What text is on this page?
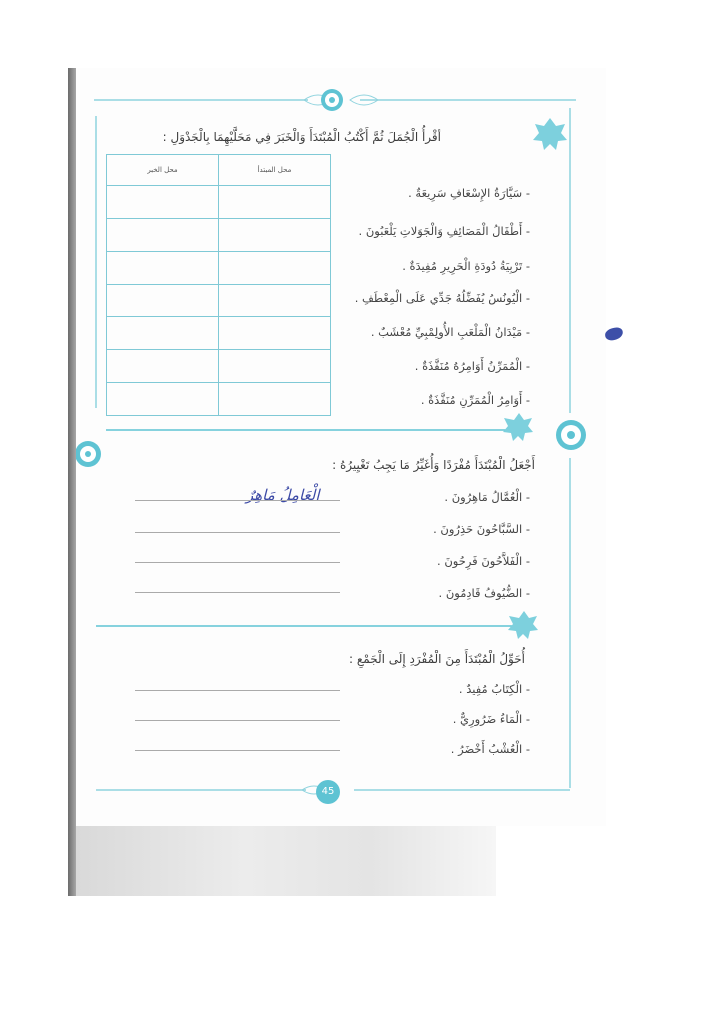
أقْرأُ الْجُمَلَ ثُمَّ أَكْتُبُ الْمُبْتَدَأَ وَالْخَبَرَ فِي مَحَلَّيْهِمَا بِالْجَدْوَلِ :
محل الخبر	محل المبتدأ

- سَيَّارَةُ الإِسْعَافِ سَرِيعَةٌ .
- أَطْفَالُ الْمَصَائِفِ وَالْجَوَلاتِ يَلْعَبُونَ .
- تَرْبِيَةُ دُودَةِ الْحَرِيرِ مُفِيدَةٌ .
- الْيُونُسُ يُفَضِّلُهُ جَدِّي عَلَى الْمِعْطَفِ .
- مَيْدَانُ الْمَلْعَبِ الأُولِمْبِيِّ مُعْشَبٌ .
- الْمُمَرِّنُ أَوَامِرُهُ مُنَفَّذَةٌ .
- أَوَامِرُ الْمُمَرِّنِ مُنَفَّذَةٌ .
أَجْعَلُ الْمُبْتَدَأَ مُفْرَدًا وَأُغَيِّرُ مَا يَجِبُ تَغْيِيرُهُ :
- الْعُمَّالُ مَاهِرُونَ .
- السَّبَّاحُونَ حَذِرُونَ .
- الْفَلاَّحُونَ فَرِحُونَ .
- الضُّيُوفُ قَادِمُونَ .
الْعَامِلُ مَاهِرٌ
أُحَوِّلُ الْمُبْتَدَأَ مِنَ الْمُفْرَدِ إِلَى الْجَمْعِ :
- الْكِتَابُ مُفِيدٌ .
- الْمَاءُ ضَرُورِيٌّ .
- الْعُشْبُ أَخْضَرُ .
45
